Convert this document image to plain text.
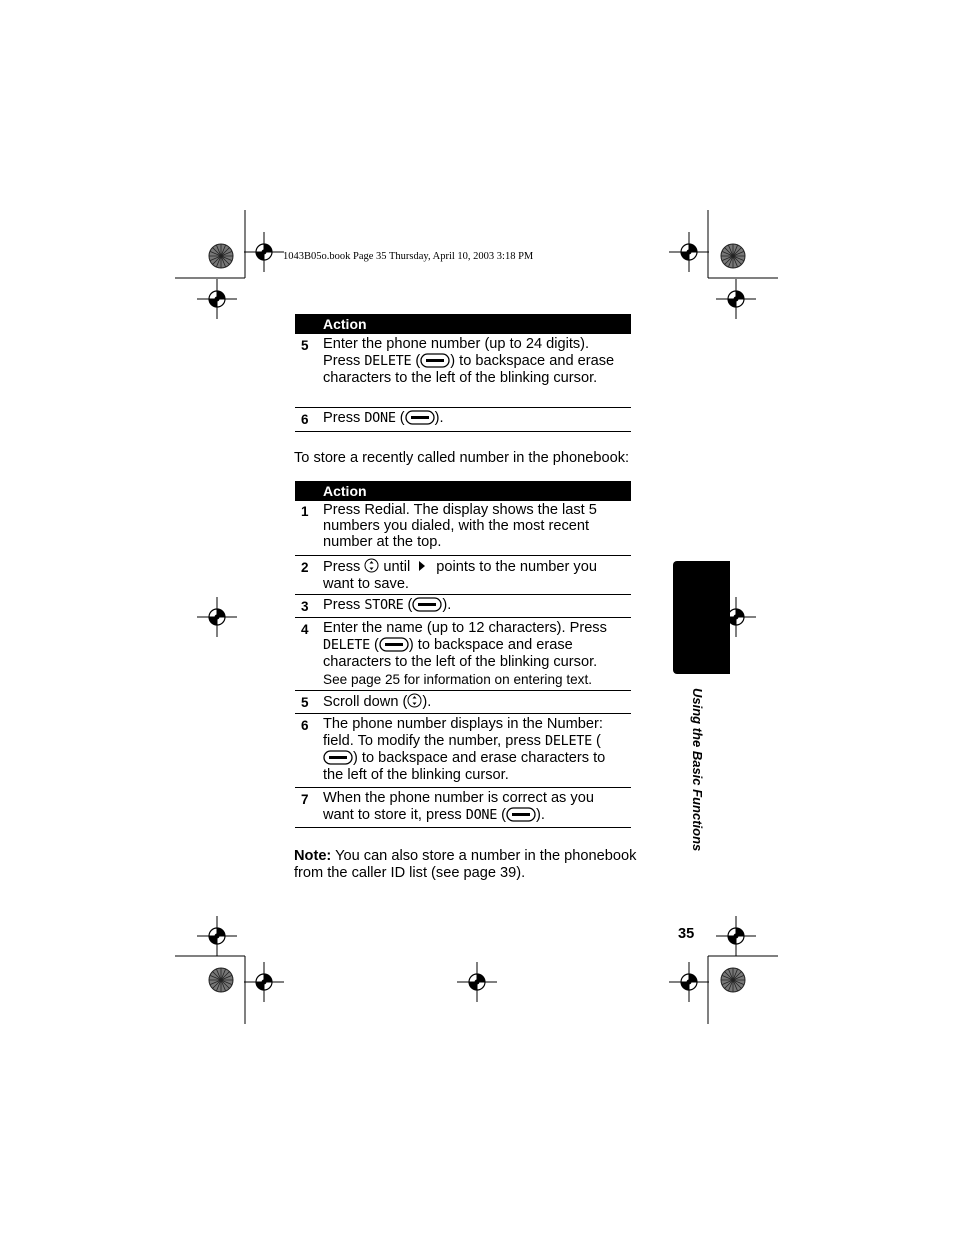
1043B05o.book Page 35 Thursday, April 10, 2003 3:18 PM
Action
5 Enter the phone number (up to 24 digits). Press DELETE ( ) to backspace and erase characters to the left of the blinking cursor.
6 Press DONE ( ).
To store a recently called number in the phonebook:
Action
1 Press Redial. The display shows the last 5 numbers you dialed, with the most recent number at the top.
2 Press  until  points to the number you want to save.
3 Press STORE ( ).
4 Enter the name (up to 12 characters). Press DELETE ( ) to backspace and erase characters to the left of the blinking cursor.
See page 25 for information on entering text.
5 Scroll down ( ).
6 The phone number displays in the Number: field. To modify the number, press DELETE () to backspace and erase characters to the left of the blinking cursor.
7 When the phone number is correct as you want to store it, press DONE ( ).
Note: You can also store a number in the phonebook
from the caller ID list (see page 39).
Using the Basic Functions
35
